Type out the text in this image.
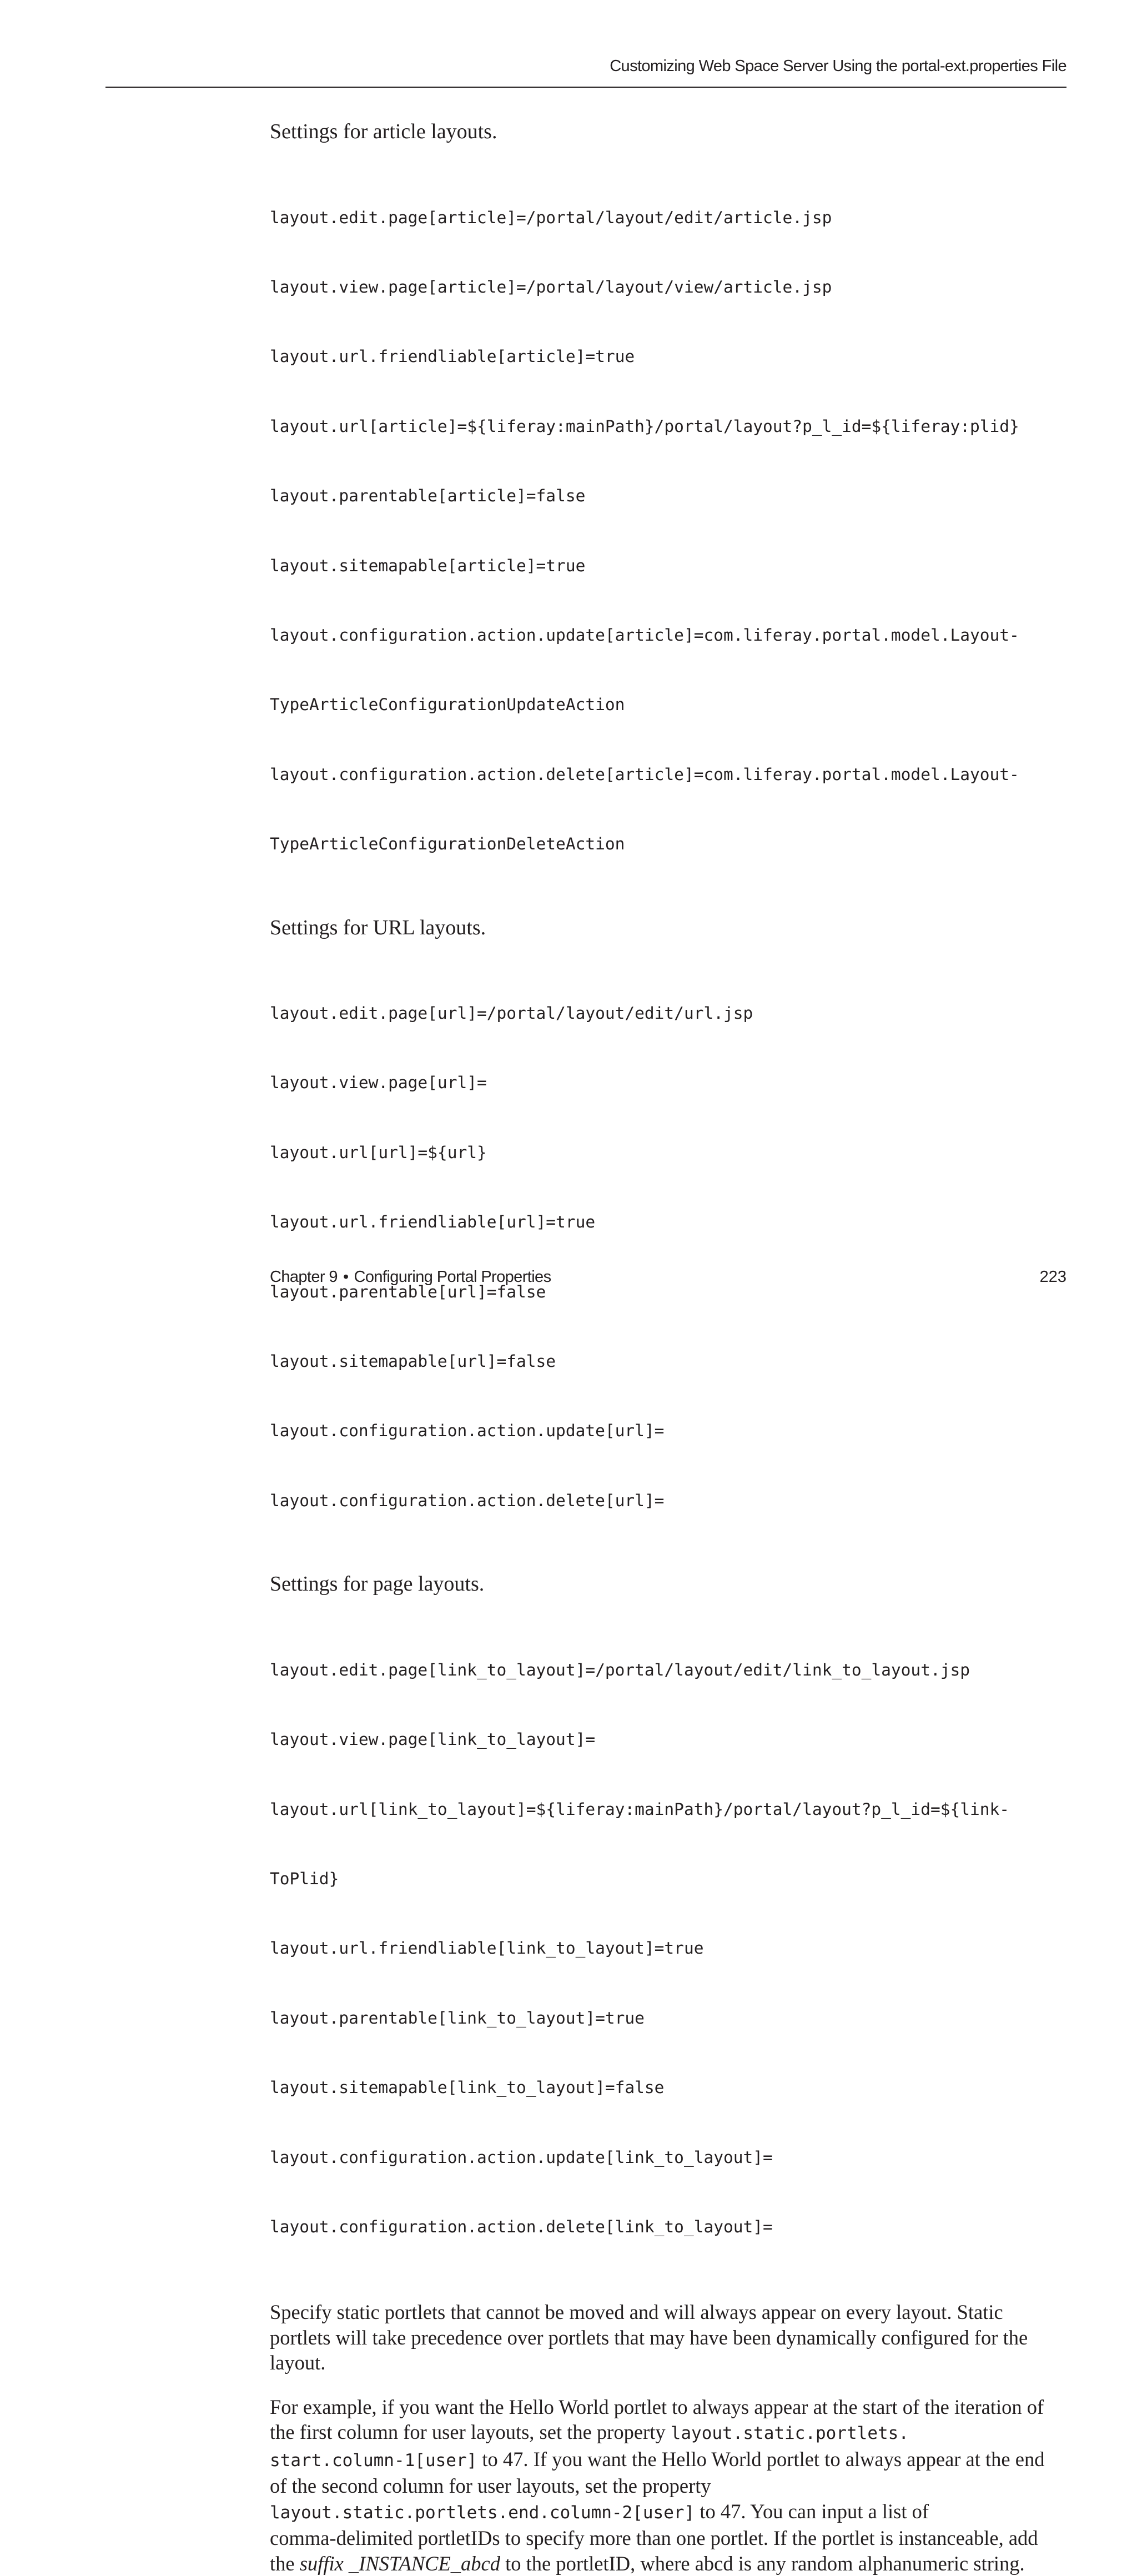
Customizing Web Space Server Using the portal-ext.properties File

Settings for article layouts.

layout.edit.page[article]=/portal/layout/edit/article.jsp

layout.view.page[article]=/portal/layout/view/article.jsp

layout.url.friendliable[article]=true

layout.url[article]=${liferay:mainPath}/portal/layout?p_l_id=${liferay:plid}

layout.parentable[article]=false

layout.sitemapable[article]=true

layout.configuration.action.update[article]=com.liferay.portal.model.Layout-

TypeArticleConfigurationUpdateAction

layout.configuration.action.delete[article]=com.liferay.portal.model.Layout-

TypeArticleConfigurationDeleteAction

Settings for URL layouts.

layout.edit.page[url]=/portal/layout/edit/url.jsp

layout.view.page[url]=

layout.url[url]=${url}

layout.url.friendliable[url]=true

layout.parentable[url]=false

layout.sitemapable[url]=false

layout.configuration.action.update[url]=

layout.configuration.action.delete[url]=

Settings for page layouts.

layout.edit.page[link_to_layout]=/portal/layout/edit/link_to_layout.jsp

layout.view.page[link_to_layout]=

layout.url[link_to_layout]=${liferay:mainPath}/portal/layout?p_l_id=${link-

ToPlid}

layout.url.friendliable[link_to_layout]=true

layout.parentable[link_to_layout]=true

layout.sitemapable[link_to_layout]=false

layout.configuration.action.update[link_to_layout]=

layout.configuration.action.delete[link_to_layout]=

Specify static portlets that cannot be moved and will always appear on every layout. Static
portlets will take precedence over portlets that may have been dynamically configured for the
layout.

For example, if you want the Hello World portlet to always appear at the start of the iteration of
the first column for user layouts, set the property layout.static.portlets.
start.column-1[user] to 47. If you want the Hello World portlet to always appear at the end
of the second column for user layouts, set the property
layout.static.portlets.end.column-2[user] to 47. You can input a list of
comma-delimited portletIDs to specify more than one portlet. If the portlet is instanceable, add
the suffix _INSTANCE_abcd to the portletID, where abcd is any random alphanumeric string.

Chapter 9 • Configuring Portal Properties	223
